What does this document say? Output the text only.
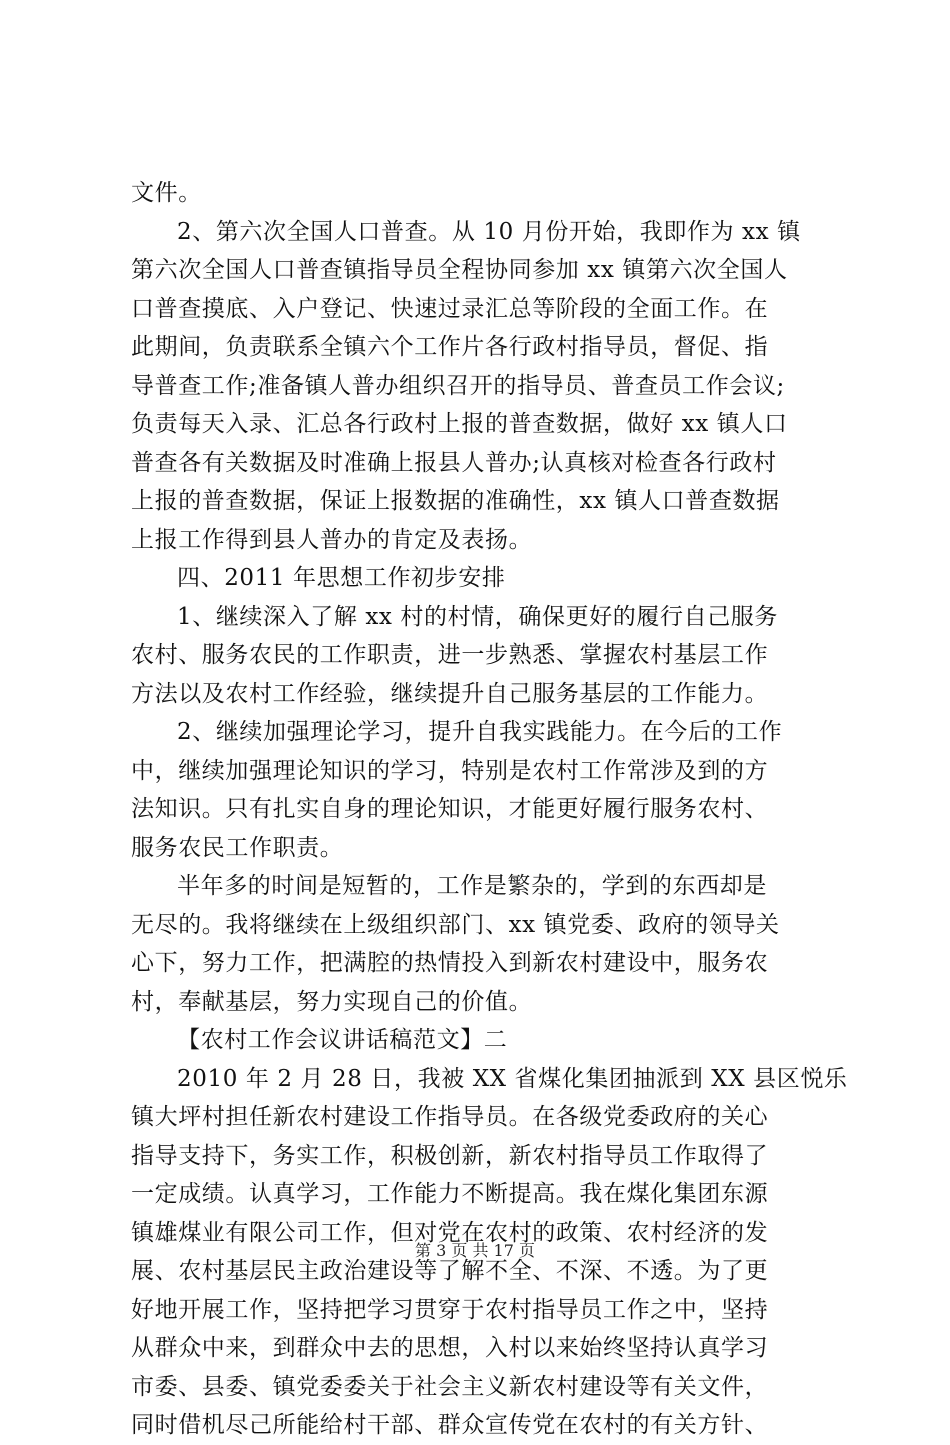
文件。
2、第六次全国人口普查。从 10 月份开始，我即作为 xx 镇
第六次全国人口普查镇指导员全程协同参加 xx 镇第六次全国人
口普查摸底、入户登记、快速过录汇总等阶段的全面工作。在
此期间，负责联系全镇六个工作片各行政村指导员，督促、指
导普查工作;准备镇人普办组织召开的指导员、普查员工作会议;
负责每天入录、汇总各行政村上报的普查数据，做好 xx 镇人口
普查各有关数据及时准确上报县人普办;认真核对检查各行政村
上报的普查数据，保证上报数据的准确性，xx 镇人口普查数据
上报工作得到县人普办的肯定及表扬。
四、2011 年思想工作初步安排
1、继续深入了解 xx 村的村情，确保更好的履行自己服务
农村、服务农民的工作职责，进一步熟悉、掌握农村基层工作
方法以及农村工作经验，继续提升自己服务基层的工作能力。
2、继续加强理论学习，提升自我实践能力。在今后的工作
中，继续加强理论知识的学习，特别是农村工作常涉及到的方
法知识。只有扎实自身的理论知识，才能更好履行服务农村、
服务农民工作职责。
半年多的时间是短暂的，工作是繁杂的，学到的东西却是
无尽的。我将继续在上级组织部门、xx 镇党委、政府的领导关
心下，努力工作，把满腔的热情投入到新农村建设中，服务农
村，奉献基层，努力实现自己的价值。
【农村工作会议讲话稿范文】二
2010 年 2 月 28 日，我被 XX 省煤化集团抽派到 XX 县区悦乐
镇大坪村担任新农村建设工作指导员。在各级党委政府的关心
指导支持下，务实工作，积极创新，新农村指导员工作取得了
一定成绩。认真学习，工作能力不断提高。我在煤化集团东源
镇雄煤业有限公司工作，但对党在农村的政策、农村经济的发
展、农村基层民主政治建设等了解不全、不深、不透。为了更
好地开展工作，坚持把学习贯穿于农村指导员工作之中，坚持
从群众中来，到群众中去的思想，入村以来始终坚持认真学习
市委、县委、镇党委委关于社会主义新农村建设等有关文件，
同时借机尽己所能给村干部、群众宣传党在农村的有关方针、
第 3 页 共 17 页
